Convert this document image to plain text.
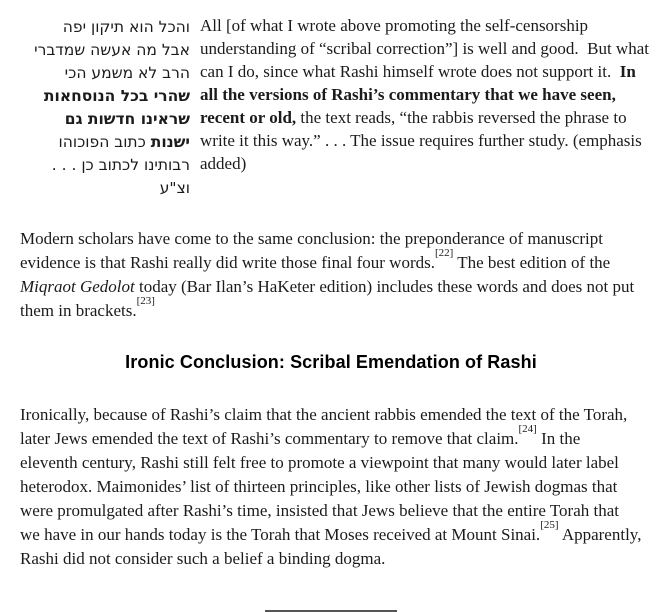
והכל הוא תיקון יפה
אבל מה אעשה שמדברי
הרב לא משמע הכי
שהרי בכל הנוסחאות
שראינו חדשות גם
ישנות כתוב הפוכוהו
רבותינו לכתוב כן . . .
וצ"ע
All [of what I wrote above promoting the self-censorship understanding of “scribal correction”] is well and good.  But what can I do, since what Rashi himself wrote does not support it.  In all the versions of Rashi’s commentary that we have seen, recent or old, the text reads, “the rabbis reversed the phrase to write it this way.” . . . The issue requires further study. (emphasis added)

Modern scholars have come to the same conclusion: the preponderance of manuscript evidence is that Rashi really did write those final four words.[22] The best edition of the Miqraot Gedolot today (Bar Ilan’s HaKeter edition) includes these words and does not put them in brackets.[23]

Ironic Conclusion: Scribal Emendation of Rashi

Ironically, because of Rashi’s claim that the ancient rabbis emended the text of the Torah, later Jews emended the text of Rashi’s commentary to remove that claim.[24] In the eleventh century, Rashi still felt free to promote a viewpoint that many would later label heterodox. Maimonides’ list of thirteen principles, like other lists of Jewish dogmas that were promulgated after Rashi’s time, insisted that Jews believe that the entire Torah that we have in our hands today is the Torah that Moses received at Mount Sinai.[25] Apparently, Rashi did not consider such a belief a binding dogma.
